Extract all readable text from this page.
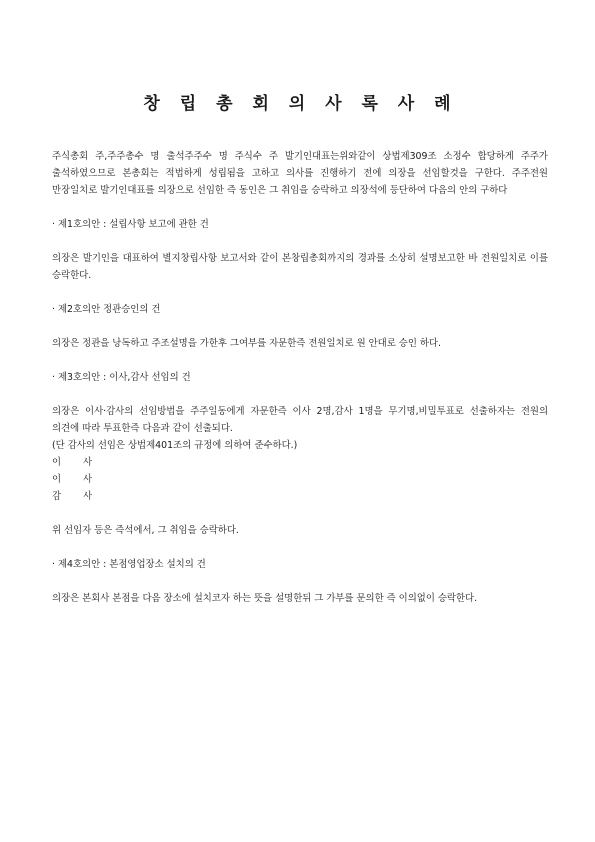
창 립 총 회 의 사 록 사 례

주식총회 주,주주총수 명 출석주주수 명 주식수 주 발기인대표는위와같이 상법제309조 소정수 합당하게 주주가 출석하였으므로 본총회는 적법하게 성립됨을 고하고 의사를 진행하기 전에 의장을 선임할것을 구한다. 주주전원 만장일치로 발기인대표를 의장으로 선임한 즉 동인은 그 취임을 승락하고 의장석에 등단하여 다음의 안의 구하다

· 제1호의안 : 설립사항 보고에 관한 건

의장은 발기인을 대표하여 별지창립사항 보고서와 같이 본창립총회까지의 경과를 소상히 설명보고한 바 전원일치로 이를 승락한다.

· 제2호의안 정관승인의 건

의장은 정관을 낭독하고 주조설명을 가한후 그여부를 자문한즉 전원일치로 원 안대로 승인 하다.

· 제3호의안 : 이사,감사 선임의 건

의장은 이사·감사의 선임방법을 주주일동에게 자문한즉 이사 2명,감사 1명을 무기명,비밀투표로 선출하자는 전원의 의견에 따라 투표한즉 다음과 같이 선출되다.

(단 감사의 선임은 상법제401조의 규정에 의하여 준수하다.)

이사

이사

감사

위 선임자 등은 즉석에서, 그 취임을 승락하다.

· 제4호의안 : 본점영업장소 설치의 건

의장은 본회사 본점을 다음 장소에 설치코자 하는 뜻을 설명한뒤 그 가부를 문의한 즉 이의없이 승락한다.
